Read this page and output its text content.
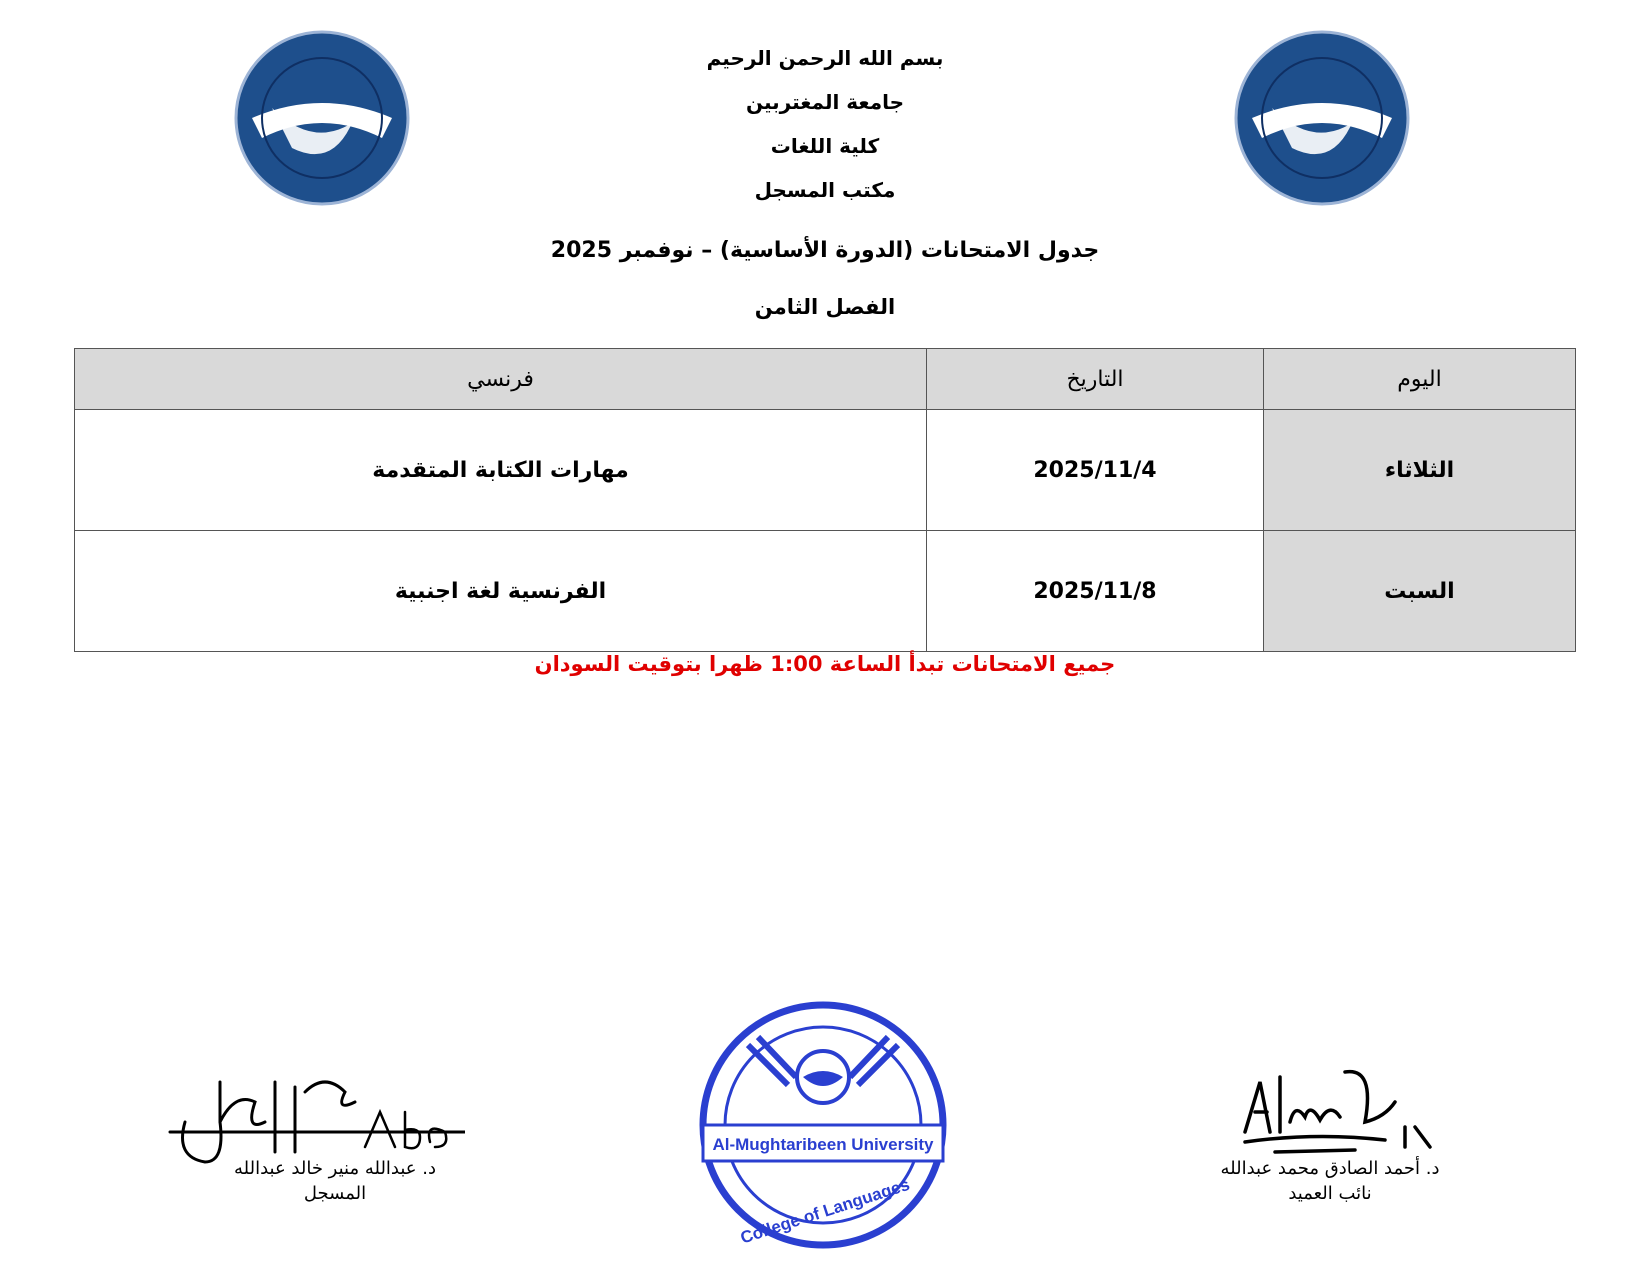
بسم الله الرحمن الرحيم
جامعة المغتربين
كلية اللغات
مكتب المسجل
جدول الامتحانات (الدورة الأساسية) – نوفمبر 2025
الفصل الثامن
اليوم	التاريخ	فرنسي
الثلاثاء	2025/11/4	مهارات الكتابة المتقدمة
السبت	2025/11/8	الفرنسية لغة اجنبية
جميع الامتحانات تبدأ الساعة 1:00 ظهرا بتوقيت السودان
د. أحمد الصادق محمد عبدالله
نائب العميد
د. عبدالله منير خالد عبدالله
المسجل
Al-Mughtaribeen University
College of Languages
